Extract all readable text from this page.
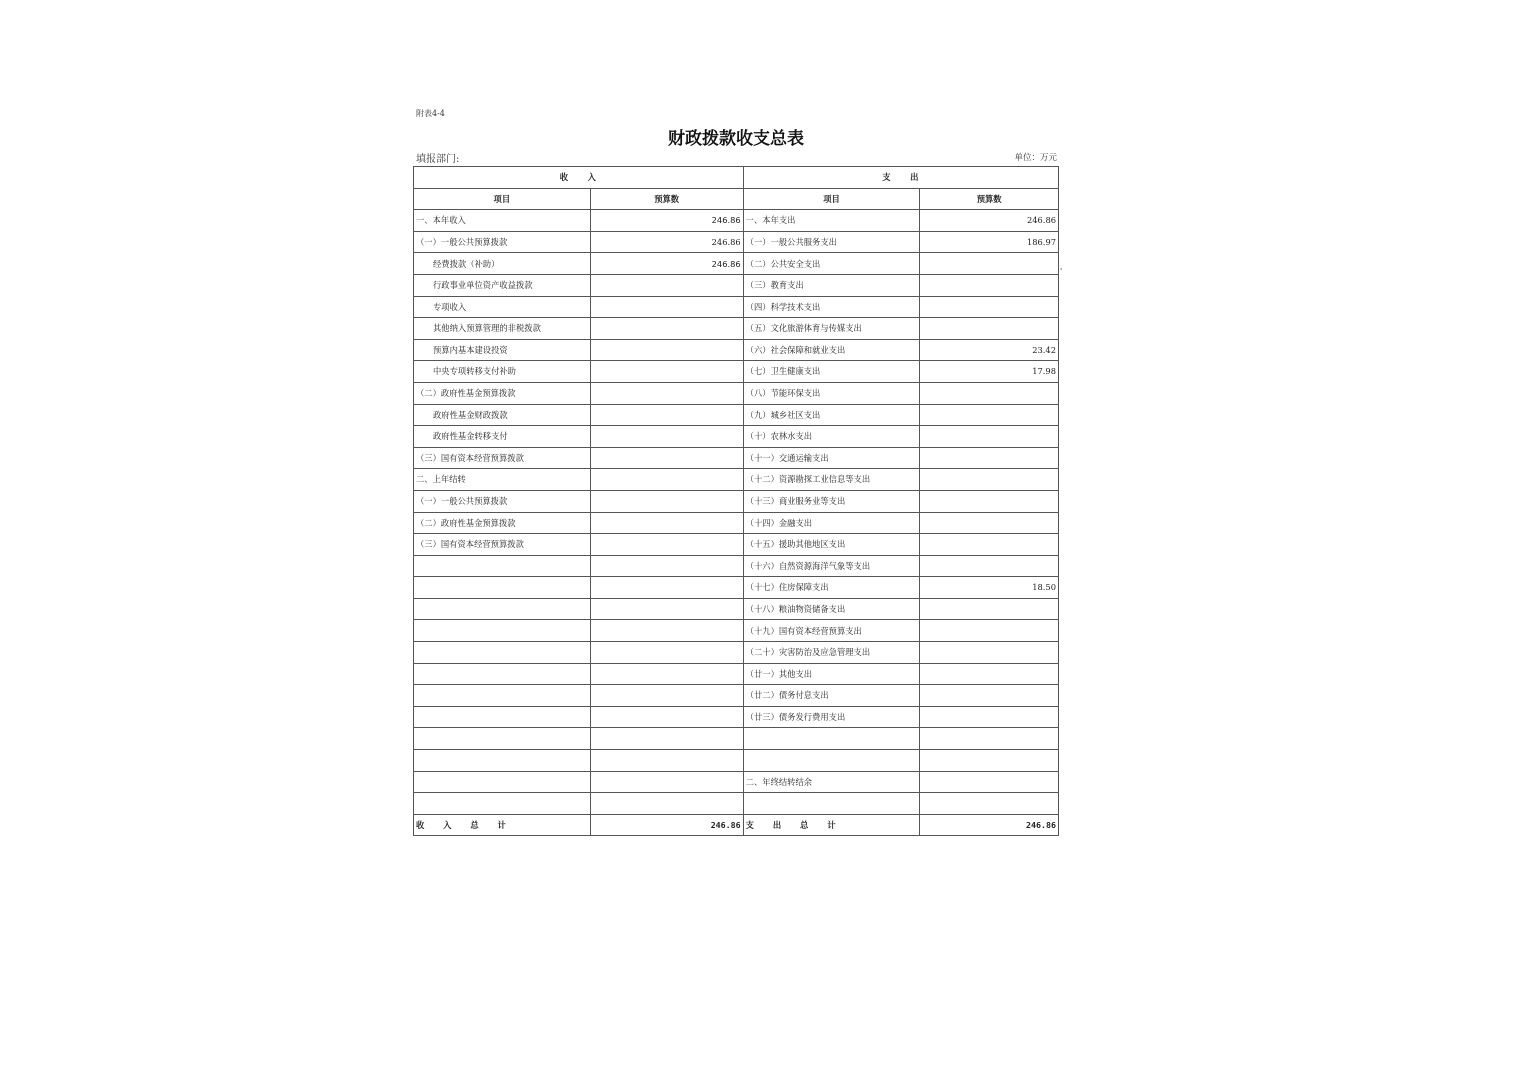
附表4-4
财政拨款收支总表
填报部门:	单位：万元
'
收　　入		支　　出	
项目	预算数	项目	预算数
一、本年收入	246.86	一、本年支出	246.86
（一）一般公共预算拨款	246.86	（一）一般公共服务支出	186.97
经费拨款（补助）	246.86	（二）公共安全支出	
行政事业单位资产收益拨款		（三）教育支出	
专项收入		（四）科学技术支出	
其他纳入预算管理的非税拨款		（五）文化旅游体育与传媒支出	
预算内基本建设投资		（六）社会保障和就业支出	23.42
中央专项转移支付补助		（七）卫生健康支出	17.98
（二）政府性基金预算拨款		（八）节能环保支出	
政府性基金财政拨款		（九）城乡社区支出	
政府性基金转移支付		（十）农林水支出	
（三）国有资本经营预算拨款		（十一）交通运输支出	
二、上年结转		（十二）资源勘探工业信息等支出	
（一）一般公共预算拨款		（十三）商业服务业等支出	
（二）政府性基金预算拨款		（十四）金融支出	
（三）国有资本经营预算拨款		（十五）援助其他地区支出	
		（十六）自然资源海洋气象等支出	
		（十七）住房保障支出	18.50
		（十八）粮油物资储备支出	
		（十九）国有资本经营预算支出	
		（二十）灾害防治及应急管理支出	
		（廿一）其他支出	
		（廿二）债务付息支出	
		（廿三）债务发行费用支出	

		二、年终结转结余	

收 入 总 计	246.86	支 出 总 计	246.86
